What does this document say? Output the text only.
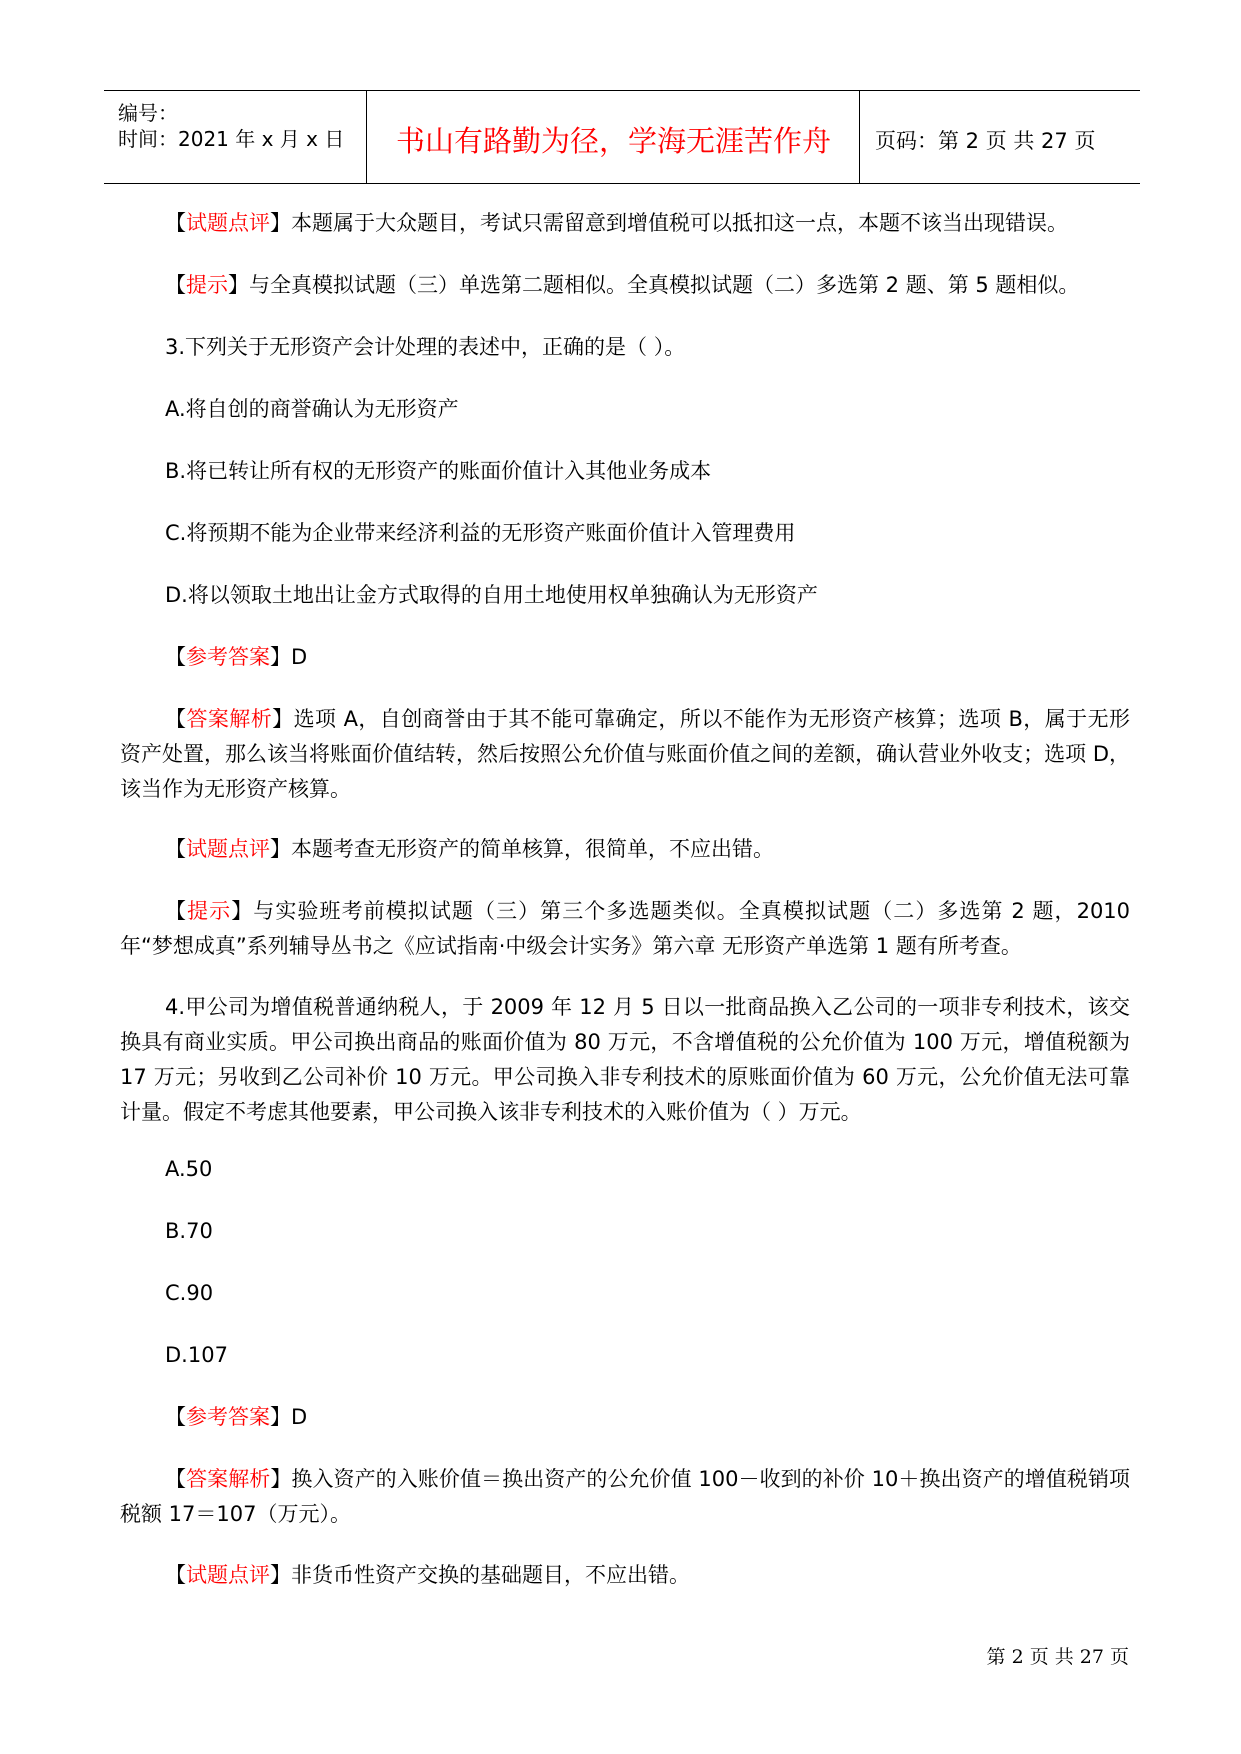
编号：
时间：2021 年 x 月 x 日	书山有路勤为径，学海无涯苦作舟	页码：第 2 页 共 27 页
【试题点评】本题属于大众题目，考试只需留意到增值税可以抵扣这一点，本题不该当出现错误。
【提示】与全真模拟试题（三）单选第二题相似。全真模拟试题（二）多选第 2 题、第 5 题相似。
3.下列关于无形资产会计处理的表述中，正确的是（ ）。
A.将自创的商誉确认为无形资产
B.将已转让所有权的无形资产的账面价值计入其他业务成本
C.将预期不能为企业带来经济利益的无形资产账面价值计入管理费用
D.将以领取土地出让金方式取得的自用土地使用权单独确认为无形资产
【参考答案】D
【答案解析】选项 A，自创商誉由于其不能可靠确定，所以不能作为无形资产核算；选项 B，属于无形资产处置，那么该当将账面价值结转，然后按照公允价值与账面价值之间的差额，确认营业外收支；选项 D，该当作为无形资产核算。
【试题点评】本题考查无形资产的简单核算，很简单，不应出错。
【提示】与实验班考前模拟试题（三）第三个多选题类似。全真模拟试题（二）多选第 2 题，2010 年“梦想成真”系列辅导丛书之《应试指南·中级会计实务》第六章 无形资产单选第 1 题有所考查。
4.甲公司为增值税普通纳税人，于 2009 年 12 月 5 日以一批商品换入乙公司的一项非专利技术，该交换具有商业实质。甲公司换出商品的账面价值为 80 万元，不含增值税的公允价值为 100 万元，增值税额为 17 万元；另收到乙公司补价 10 万元。甲公司换入非专利技术的原账面价值为 60 万元，公允价值无法可靠计量。假定不考虑其他要素，甲公司换入该非专利技术的入账价值为（ ）万元。
A.50
B.70
C.90
D.107
【参考答案】D
【答案解析】换入资产的入账价值＝换出资产的公允价值 100－收到的补价 10＋换出资产的增值税销项税额 17＝107（万元）。
【试题点评】非货币性资产交换的基础题目，不应出错。
第 2 页 共 27 页
